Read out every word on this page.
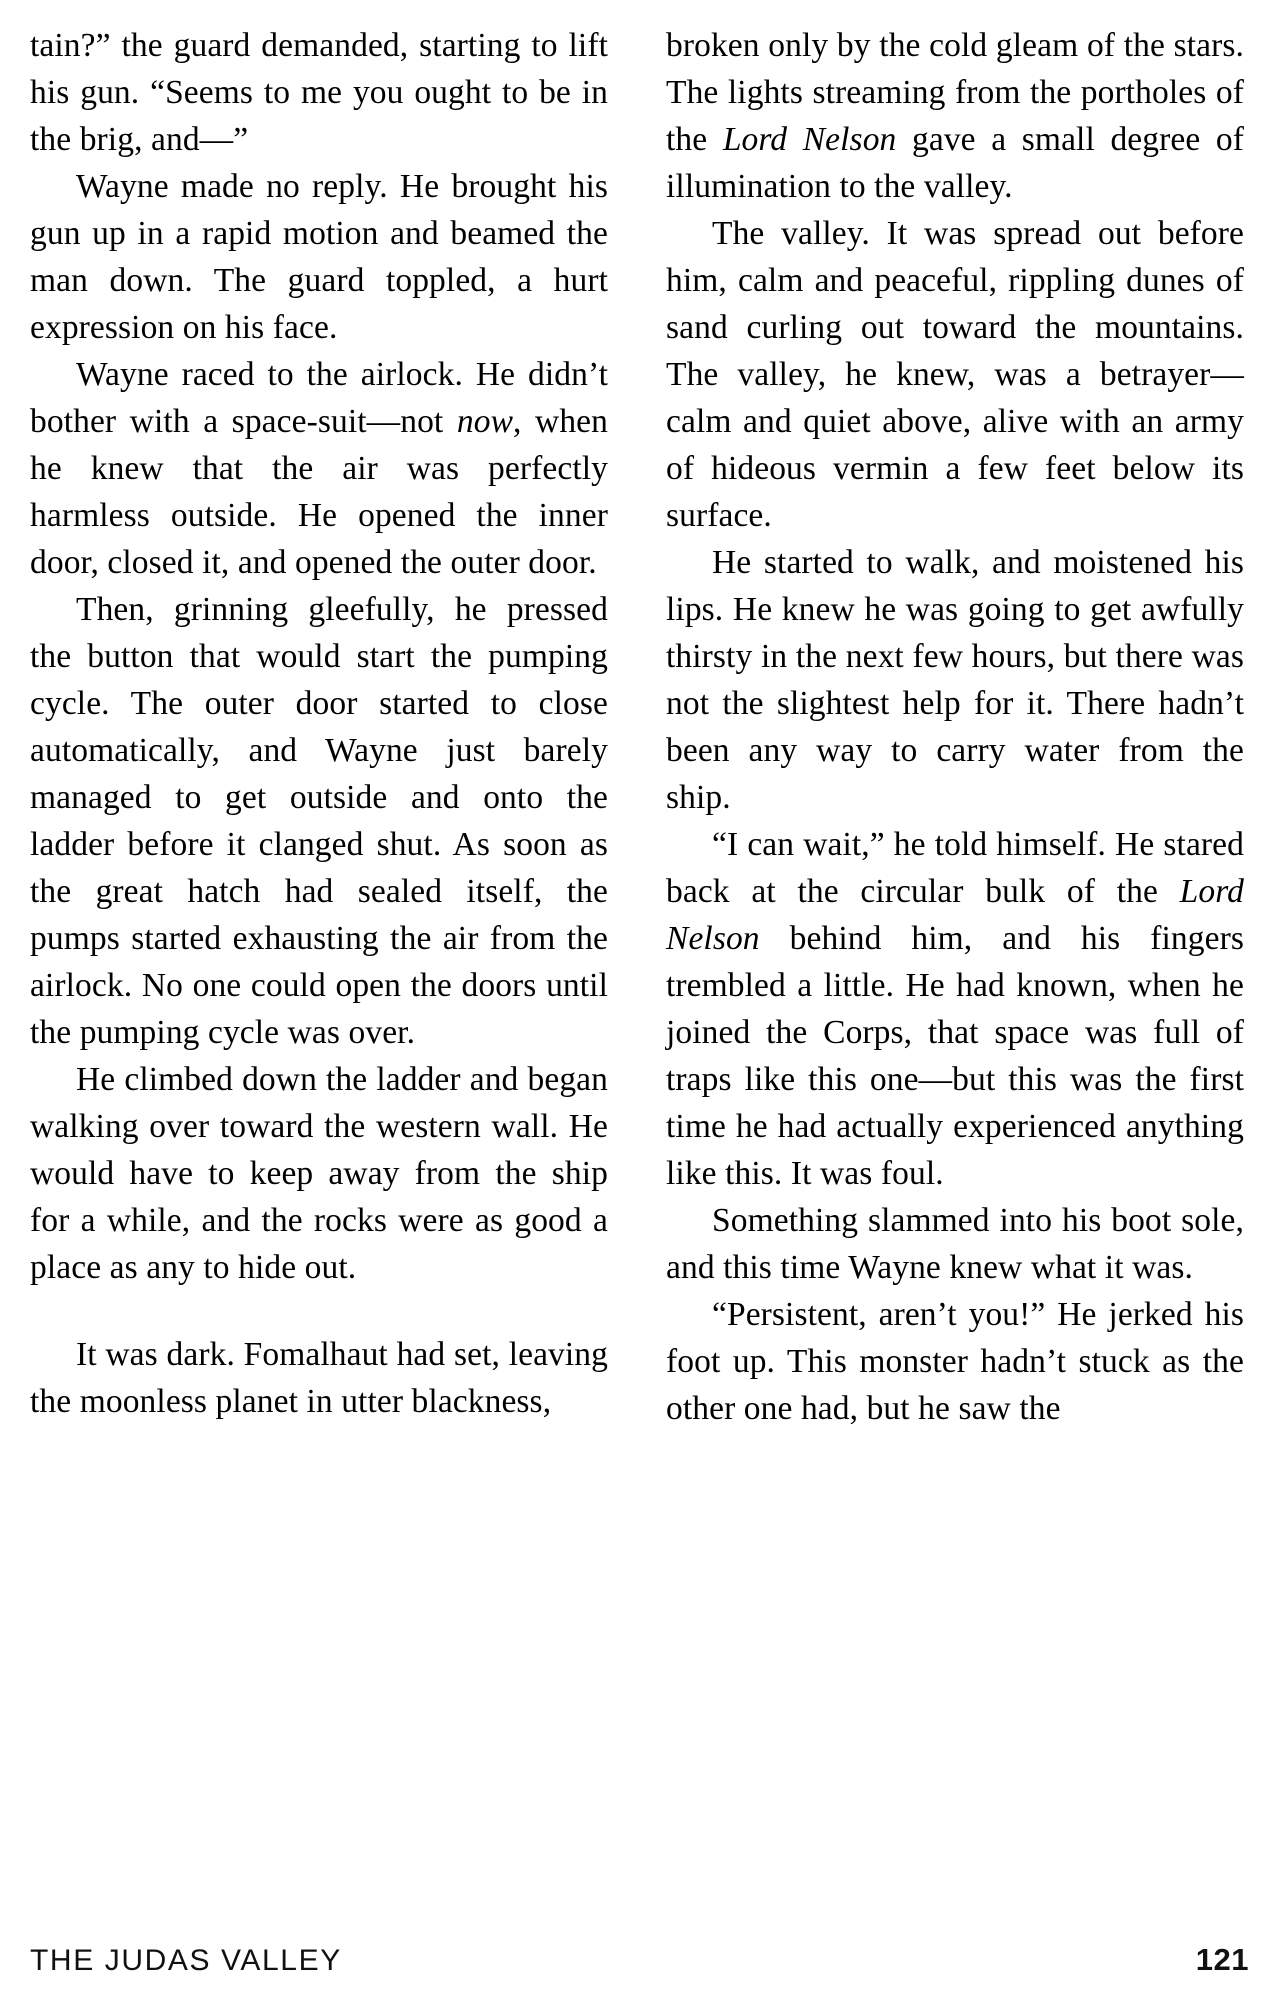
tain?” the guard demanded, starting to lift his gun. “Seems to me you ought to be in the brig, and—”

Wayne made no reply. He brought his gun up in a rapid motion and beamed the man down. The guard toppled, a hurt expression on his face.

Wayne raced to the airlock. He didn’t bother with a space-suit—not now, when he knew that the air was perfectly harmless outside. He opened the inner door, closed it, and opened the outer door.

Then, grinning gleefully, he pressed the button that would start the pumping cycle. The outer door started to close automatically, and Wayne just barely managed to get outside and onto the ladder before it clanged shut. As soon as the great hatch had sealed itself, the pumps started exhausting the air from the airlock. No one could open the doors until the pumping cycle was over.

He climbed down the ladder and began walking over toward the western wall. He would have to keep away from the ship for a while, and the rocks were as good a place as any to hide out.

It was dark. Fomalhaut had set, leaving the moonless planet in utter blackness,

broken only by the cold gleam of the stars. The lights streaming from the portholes of the Lord Nelson gave a small degree of illumination to the valley.

The valley. It was spread out before him, calm and peaceful, rippling dunes of sand curling out toward the mountains. The valley, he knew, was a betrayer—calm and quiet above, alive with an army of hideous vermin a few feet below its surface.

He started to walk, and moistened his lips. He knew he was going to get awfully thirsty in the next few hours, but there was not the slightest help for it. There hadn’t been any way to carry water from the ship.

“I can wait,” he told himself. He stared back at the circular bulk of the Lord Nelson behind him, and his fingers trembled a little. He had known, when he joined the Corps, that space was full of traps like this one—but this was the first time he had actually experienced anything like this. It was foul.

Something slammed into his boot sole, and this time Wayne knew what it was.

“Persistent, aren’t you!” He jerked his foot up. This monster hadn’t stuck as the other one had, but he saw the

THE JUDAS VALLEY	121
